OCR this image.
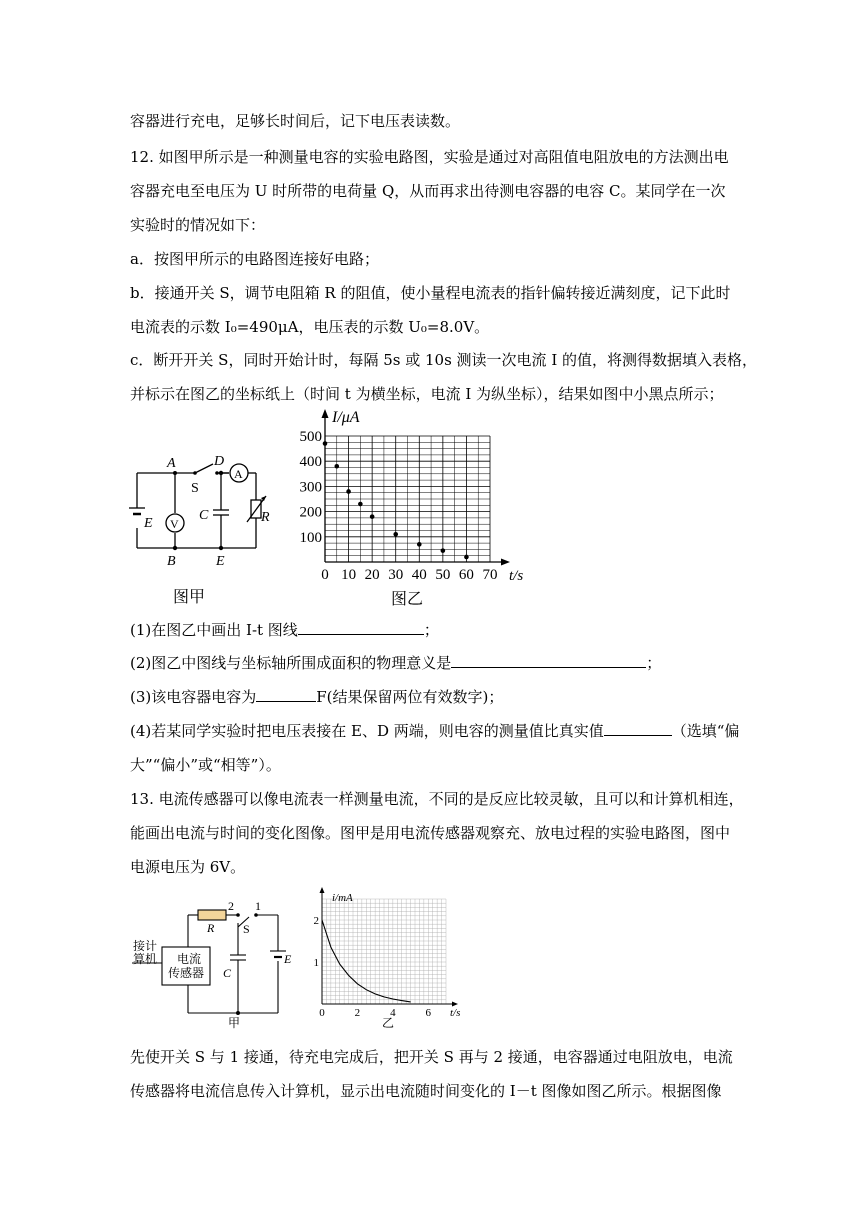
容器进行充电，足够长时间后，记下电压表读数。
12. 如图甲所示是一种测量电容的实验电路图，实验是通过对高阻值电阻放电的方法测出电
容器充电至电压为 U 时所带的电荷量 Q，从而再求出待测电容器的电容 C。某同学在一次
实验时的情况如下：
a．按图甲所示的电路图连接好电路；
b．接通开关 S，调节电阻箱 R 的阻值，使小量程电流表的指针偏转接近满刻度，记下此时
电流表的示数 I₀=490μA，电压表的示数 U₀=8.0V。
c．断开开关 S，同时开始计时，每隔 5s 或 10s 测读一次电流 I 的值，将测得数据填入表格，
并标示在图乙的坐标纸上（时间 t 为横坐标，电流 I 为纵坐标），结果如图中小黑点所示；
(1)在图乙中画出 I-t 图线	；
(2)图乙中图线与坐标轴所围成面积的物理意义是	；
(3)该电容器电容为	F(结果保留两位有效数字)；
(4)若某同学实验时把电压表接在 E、D 两端，则电容的测量值比真实值	（选填“偏
大”“偏小”或“相等”）。
13. 电流传感器可以像电流表一样测量电流，不同的是反应比较灵敏，且可以和计算机相连，
能画出电流与时间的变化图像。图甲是用电流传感器观察充、放电过程的实验电路图，图中
电源电压为 6V。
先使开关 S 与 1 接通，待充电完成后，把开关 S 再与 2 接通，电容器通过电阻放电，电流
传感器将电流信息传入计算机，显示出电流随时间变化的 I－t 图像如图乙所示。根据图像
A
S
D
A
C	R
E V
B	E
图甲
0 10 20 30 40 50 60 70
100
200
300
400
500
I/μA
t/s
图乙
2 1
R S
C
E
接计
算机 电流
传感器
甲
0	2	4	6
1
2
i/mA
t/s
乙
